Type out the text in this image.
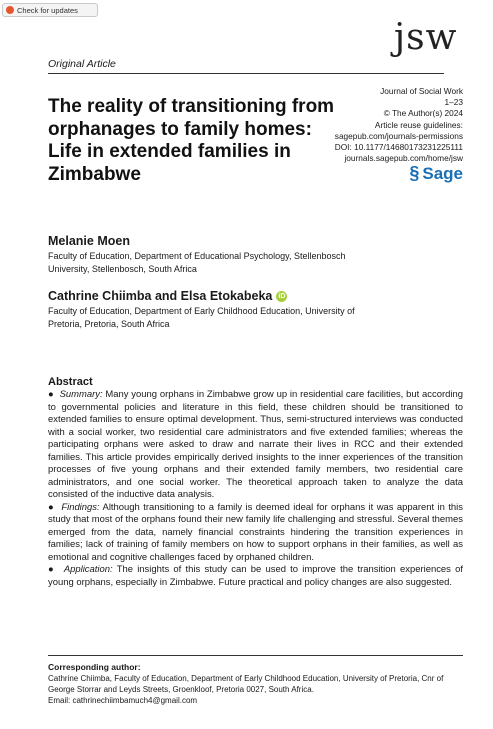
Check for updates
jsw
Original Article
Journal of Social Work
1–23
© The Author(s) 2024
Article reuse guidelines:
sagepub.com/journals-permissions
DOI: 10.1177/14680173231225111
journals.sagepub.com/home/jsw
§ Sage
The reality of transitioning from orphanages to family homes: Life in extended families in Zimbabwe
Melanie Moen
Faculty of Education, Department of Educational Psychology, Stellenbosch University, Stellenbosch, South Africa
Cathrine Chiimba and Elsa Etokabeka iD
Faculty of Education, Department of Early Childhood Education, University of Pretoria, Pretoria, South Africa
Abstract

●  Summary: Many young orphans in Zimbabwe grow up in residential care facilities, but according to governmental policies and literature in this field, these children should be transitioned to extended families to ensure optimal development. Thus, semi-structured interviews was conducted with a social worker, two residential care administrators and five extended families; whereas the participating orphans were asked to draw and narrate their lives in RCC and their extended families. This article provides empirically derived insights to the inner experiences of the transition processes of five young orphans and their extended family members, two residential care administrators, and one social worker. The theoretical approach taken to analyze the data consisted of the inductive data analysis.

●  Findings: Although transitioning to a family is deemed ideal for orphans it was apparent in this study that most of the orphans found their new family life challenging and stressful. Several themes emerged from the data, namely financial constraints hindering the transition experiences in families; lack of training of family members on how to support orphans in their families, as well as emotional and cognitive challenges faced by orphaned children.

●  Application: The insights of this study can be used to improve the transition experiences of young orphans, especially in Zimbabwe. Future practical and policy changes are also suggested.

Corresponding author:
Cathrine Chiimba, Faculty of Education, Department of Early Childhood Education, University of Pretoria, Cnr of George Storrar and Leyds Streets, Groenkloof, Pretoria 0027, South Africa.
Email: cathrinechiimbamuch4@gmail.com
